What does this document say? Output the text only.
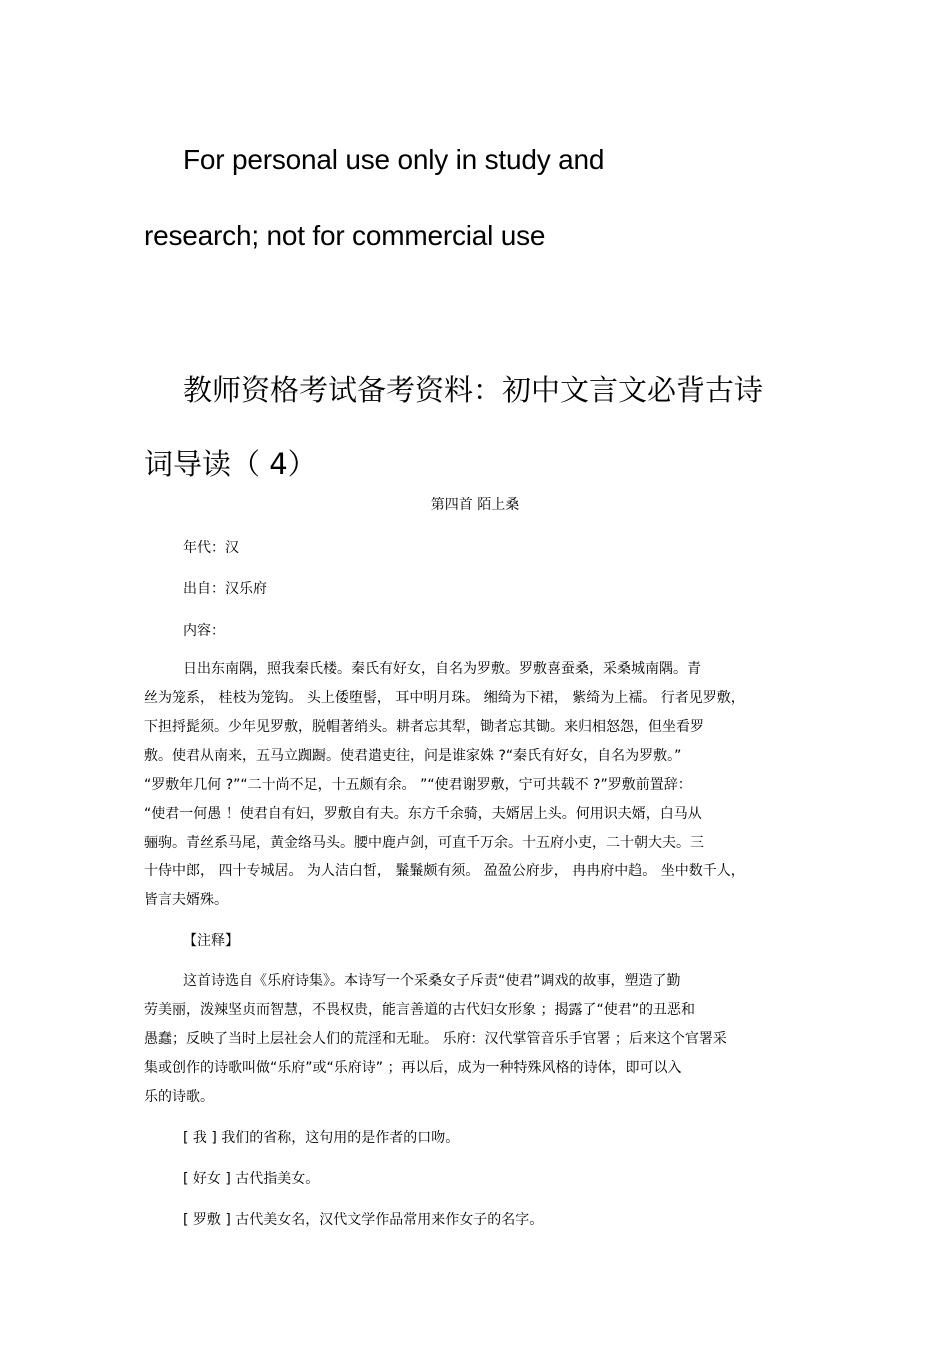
For personal use only in study and
research; not for commercial use
教师资格考试备考资料：初中文言文必背古诗
词导读（ 4）
第四首 陌上桑
年代：汉
出自：汉乐府
内容：
日出东南隅，照我秦氏楼。秦氏有好女，自名为罗敷。罗敷喜蚕桑，采桑城南隅。青
丝为笼系， 桂枝为笼钩。 头上倭堕髻， 耳中明月珠。 缃绮为下裙， 紫绮为上襦。 行者见罗敷，
下担捋髭须。少年见罗敷，脱帽著绡头。耕者忘其犁，锄者忘其锄。来归相怒怨，但坐看罗
敷。使君从南来，五马立踟蹰。使君遣吏往，问是谁家姝 ?“秦氏有好女，自名为罗敷。”
“罗敷年几何 ?”“二十尚不足，十五颇有余。 ”“使君谢罗敷，宁可共载不 ?”罗敷前置辞：
“使君一何愚 ！使君自有妇，罗敷自有夫。东方千余骑，夫婿居上头。何用识夫婿，白马从
骊驹。青丝系马尾，黄金络马头。腰中鹿卢剑，可直千万余。十五府小吏，二十朝大夫。三
十侍中郎， 四十专城居。 为人洁白皙， 鬑鬑颇有须。 盈盈公府步， 冉冉府中趋。 坐中数千人，
皆言夫婿殊。
【注释】
这首诗选自《乐府诗集》。本诗写一个采桑女子斥责“使君”调戏的故事，塑造了勤
劳美丽，泼辣坚贞而智慧，不畏权贵，能言善道的古代妇女形象 ；揭露了“使君”的丑恶和
愚蠢；反映了当时上层社会人们的荒淫和无耻。 乐府：汉代掌管音乐手官署 ；后来这个官署采
集或创作的诗歌叫做“乐府”或“乐府诗” ；再以后，成为一种特殊风格的诗体，即可以入
乐的诗歌。
[ 我 ] 我们的省称，这句用的是作者的口吻。
[ 好女 ] 古代指美女。
[ 罗敷 ] 古代美女名，汉代文学作品常用来作女子的名字。
